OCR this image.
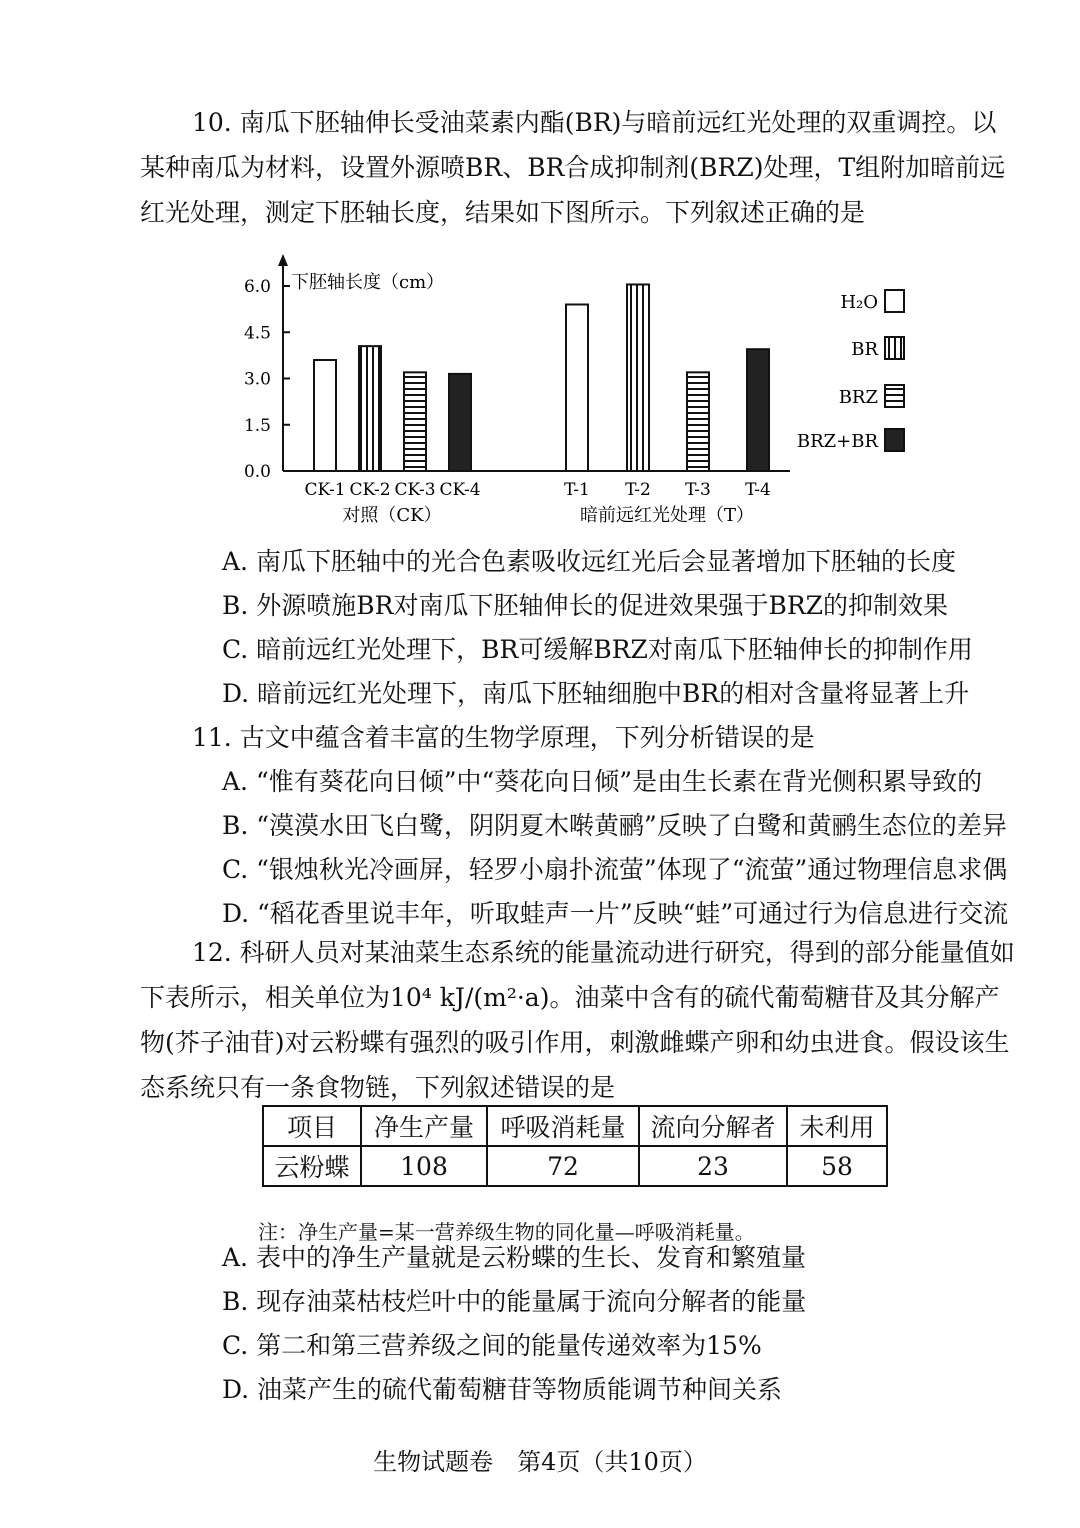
10. 南瓜下胚轴伸长受油菜素内酯(BR)与暗前远红光处理的双重调控。以某种南瓜为材料，设置外源喷BR、BR合成抑制剂(BRZ)处理，T组附加暗前远红光处理，测定下胚轴长度，结果如下图所示。下列叙述正确的是

0.0
1.5
3.0
4.5
6.0 下胚轴长度（cm）
CK-1 CK-2 CK-3 CK-4	T-1 T-2 T-3 T-4
对照（CK）	暗前远红光处理（T）
H₂O
BR
BRZ
BRZ+BR

A. 南瓜下胚轴中的光合色素吸收远红光后会显著增加下胚轴的长度

B. 外源喷施BR对南瓜下胚轴伸长的促进效果强于BRZ的抑制效果

C. 暗前远红光处理下，BR可缓解BRZ对南瓜下胚轴伸长的抑制作用

D. 暗前远红光处理下，南瓜下胚轴细胞中BR的相对含量将显著上升

11. 古文中蕴含着丰富的生物学原理，下列分析错误的是

A. “惟有葵花向日倾”中“葵花向日倾”是由生长素在背光侧积累导致的

B. “漠漠水田飞白鹭，阴阴夏木啭黄鹂”反映了白鹭和黄鹂生态位的差异

C. “银烛秋光冷画屏，轻罗小扇扑流萤”体现了“流萤”通过物理信息求偶

D. “稻花香里说丰年，听取蛙声一片”反映“蛙”可通过行为信息进行交流

12. 科研人员对某油菜生态系统的能量流动进行研究，得到的部分能量值如下表所示，相关单位为10⁴ kJ/(m²·a)。油菜中含有的硫代葡萄糖苷及其分解产物(芥子油苷)对云粉蝶有强烈的吸引作用，刺激雌蝶产卵和幼虫进食。假设该生态系统只有一条食物链，下列叙述错误的是

项目	净生产量	呼吸消耗量	流向分解者	未利用
云粉蝶	108	72	23	58

注：净生产量=某一营养级生物的同化量—呼吸消耗量。

A. 表中的净生产量就是云粉蝶的生长、发育和繁殖量

B. 现存油菜枯枝烂叶中的能量属于流向分解者的能量

C. 第二和第三营养级之间的能量传递效率为15%

D. 油菜产生的硫代葡萄糖苷等物质能调节种间关系

生物试题卷　第4页（共10页）
